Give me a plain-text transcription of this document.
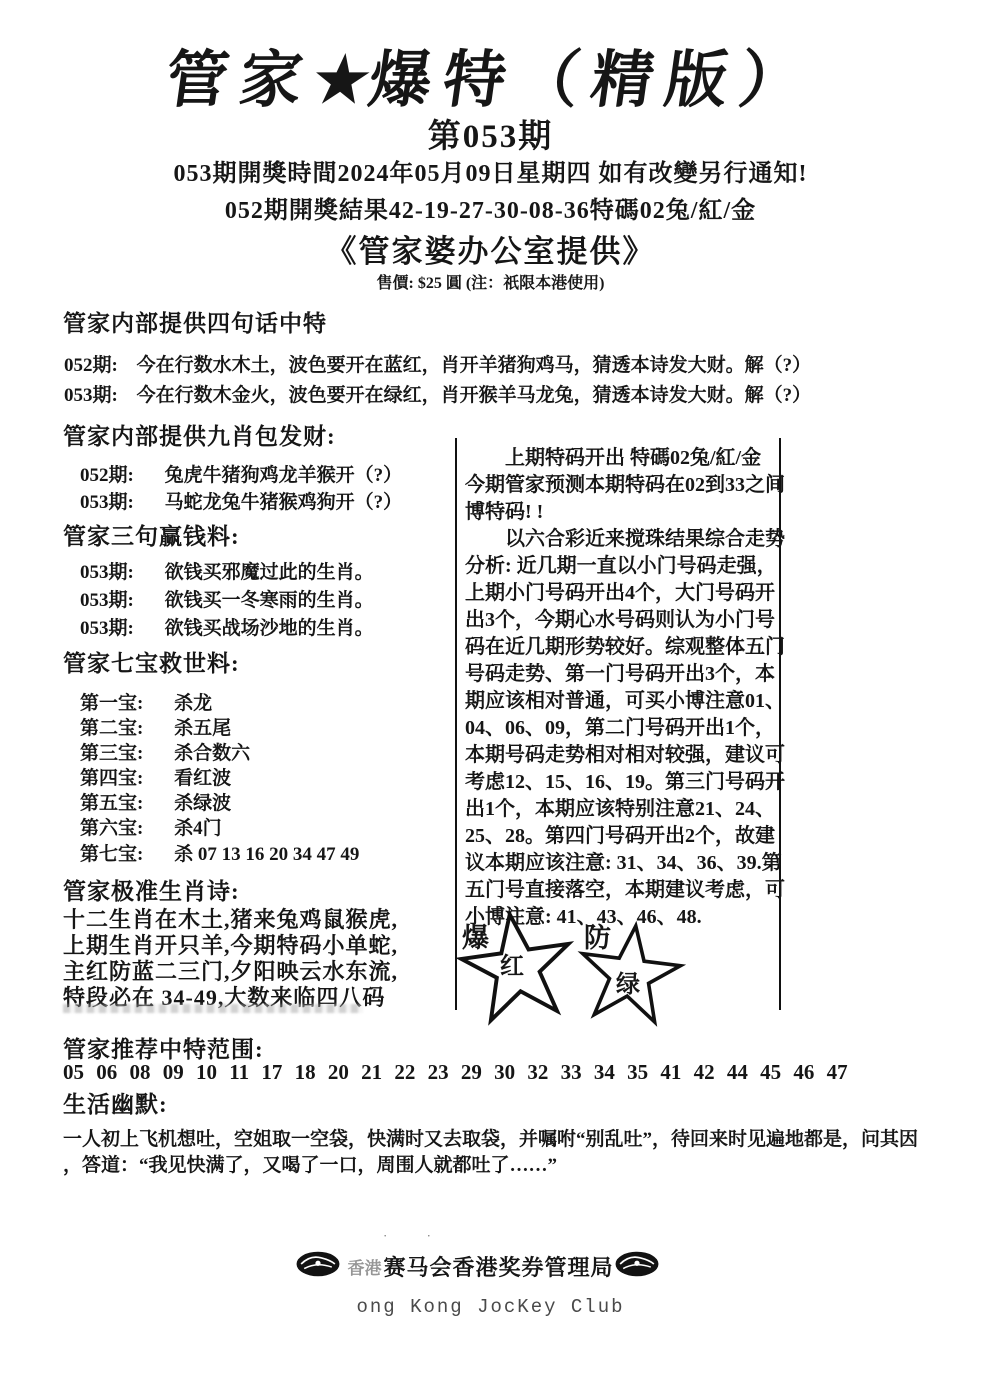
管家★爆特（精版）
第053期
053期開獎時間2024年05月09日星期四 如有改變另行通知!
052期開獎結果42-19-27-30-08-36特碼02兔/紅/金
《管家婆办公室提供》
售價: $25 圓 (注：祇限本港使用)
管家内部提供四句话中特
052期: 今在行数水木土，波色要开在蓝红，肖开羊猪狗鸡马，猜透本诗发大财。解（?）
053期: 今在行数木金火，波色要开在绿红，肖开猴羊马龙兔，猜透本诗发大财。解（?）
管家内部提供九肖包发财:
052期: 兔虎牛猪狗鸡龙羊猴开（?）
053期: 马蛇龙兔牛猪猴鸡狗开（?）
管家三句赢钱料:
053期: 欲钱买邪魔过此的生肖。
053期: 欲钱买一冬寒雨的生肖。
053期: 欲钱买战场沙地的生肖。
管家七宝救世料:
第一宝: 杀龙
第二宝: 杀五尾
第三宝: 杀合数六
第四宝: 看红波
第五宝: 杀绿波
第六宝: 杀4门
第七宝: 杀 07 13 16 20 34 47 49
管家极准生肖诗:
十二生肖在木土,猪来兔鸡鼠猴虎,
上期生肖开只羊,今期特码小单蛇,
主红防蓝二三门,夕阳映云水东流,
特段必在 34-49,大数来临四八码
　　上期特码开出 特碼02兔/紅/金
今期管家预测本期特码在02到33之间
博特码! !
　　以六合彩近来搅珠结果综合走势
分析: 近几期一直以小门号码走强，
上期小门号码开出4个，大门号码开
出3个，今期心水号码则认为小门号
码在近几期形势较好。综观整体五门
号码走势、第一门号码开出3个，本
期应该相对普通，可买小博注意01、
04、06、09，第二门号码开出1个，
本期号码走势相对相对较强，建议可
考虑12、15、16、19。第三门号码开
出1个，本期应该特别注意21、24、
25、28。第四门号码开出2个，故建
议本期应该注意: 31、34、36、39.第
五门号直接落空，本期建议考虑，可
小博注意: 41、43、46、48.
爆
红
防
绿
管家推荐中特范围:
05 06 08 09 10 11 17 18 20 21 22 23 29 30 32 33 34 35 41 42 44 45 46 47
生活幽默:
一人初上飞机想吐，空姐取一空袋，快满时又去取袋，并嘱咐“别乱吐”，待回来时见遍地都是，问其因
，答道：“我见快满了，又喝了一口，周围人就都吐了……”
· ·
香港 赛马会香港奖券管理局
ong Kong JocKey Club
